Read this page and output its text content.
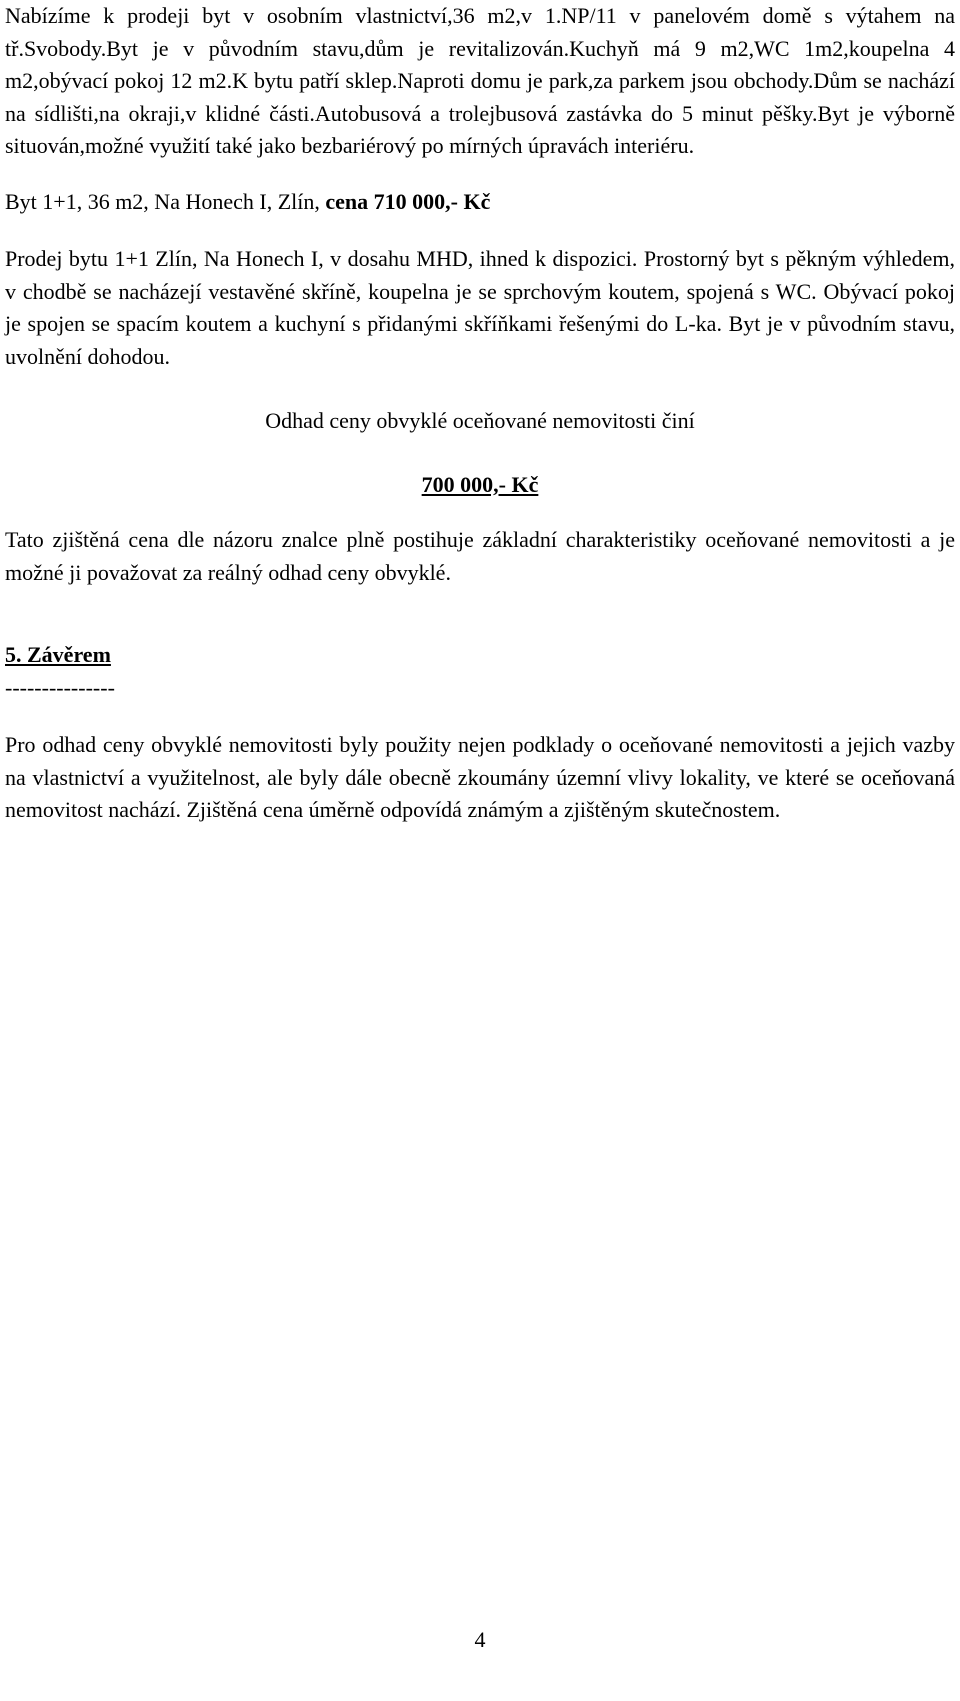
Nabízíme k prodeji byt v osobním vlastnictví,36 m2,v 1.NP/11 v panelovém domě s výtahem na tř.Svobody.Byt je v původním stavu,dům je revitalizován.Kuchyň má 9 m2,WC 1m2,koupelna 4 m2,obývací pokoj 12 m2.K bytu patří sklep.Naproti domu je park,za parkem jsou obchody.Dům se nachází na sídlišti,na okraji,v klidné části.Autobusová a trolejbusová zastávka do 5 minut pěšky.Byt je výborně situován,možné využití také jako bezbariérový po mírných úpravách interiéru.

Byt 1+1, 36 m2, Na Honech I, Zlín, cena 710 000,- Kč

Prodej bytu 1+1 Zlín, Na Honech I, v dosahu MHD, ihned k dispozici. Prostorný byt s pěkným výhledem, v chodbě se nacházejí vestavěné skříně, koupelna je se sprchovým koutem, spojená s WC. Obývací pokoj je spojen se spacím koutem a kuchyní s přidanými skříňkami řešenými do L-ka. Byt je v původním stavu, uvolnění dohodou.

Odhad ceny obvyklé oceňované nemovitosti činí

700 000,- Kč

Tato zjištěná cena dle názoru znalce plně postihuje základní charakteristiky oceňované nemovitosti a je možné ji považovat za reálný odhad ceny obvyklé.

5. Závěrem

---------------

Pro odhad ceny obvyklé nemovitosti byly použity nejen podklady o oceňované nemovitosti a jejich vazby na vlastnictví a využitelnost, ale byly dále obecně zkoumány územní vlivy lokality, ve které se oceňovaná nemovitost nachází. Zjištěná cena úměrně odpovídá známým a zjištěným skutečnostem.

4
